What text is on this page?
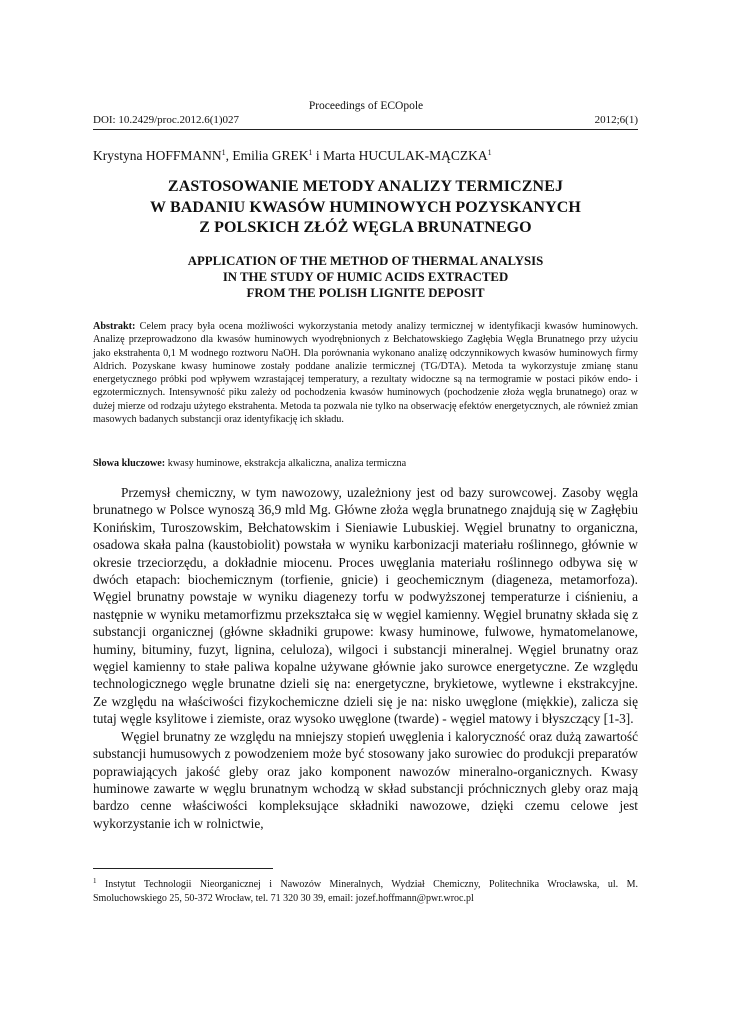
Proceedings of ECOpole
DOI: 10.2429/proc.2012.6(1)027	2012;6(1)
Krystyna HOFFMANN$^1$, Emilia GREK$^1$ i Marta HUCULAK-MĄCZKA$^1$
ZASTOSOWANIE METODY ANALIZY TERMICZNEJ
W BADANIU KWASÓW HUMINOWYCH POZYSKANYCH
Z POLSKICH ZŁÓŻ WĘGLA BRUNATNEGO
APPLICATION OF THE METHOD OF THERMAL ANALYSIS
IN THE STUDY OF HUMIC ACIDS EXTRACTED
FROM THE POLISH LIGNITE DEPOSIT
Abstrakt: Celem pracy była ocena możliwości wykorzystania metody analizy termicznej w identyfikacji kwasów huminowych. Analizę przeprowadzono dla kwasów huminowych wyodrębnionych z Bełchatowskiego Zagłębia Węgla Brunatnego przy użyciu jako ekstrahenta 0,1 M wodnego roztworu NaOH. Dla porównania wykonano analizę odczynnikowych kwasów huminowych firmy Aldrich. Pozyskane kwasy huminowe zostały poddane analizie termicznej (TG/DTA). Metoda ta wykorzystuje zmianę stanu energetycznego próbki pod wpływem wzrastającej temperatury, a rezultaty widoczne są na termogramie w postaci pików endo- i egzotermicznych. Intensywność piku zależy od pochodzenia kwasów huminowych (pochodzenie złoża węgla brunatnego) oraz w dużej mierze od rodzaju użytego ekstrahenta. Metoda ta pozwala nie tylko na obserwację efektów energetycznych, ale również zmian masowych badanych substancji oraz identyfikację ich składu.
Słowa kluczowe: kwasy huminowe, ekstrakcja alkaliczna, analiza termiczna

Przemysł chemiczny, w tym nawozowy, uzależniony jest od bazy surowcowej. Zasoby węgla brunatnego w Polsce wynoszą 36,9 mld Mg. Główne złoża węgla brunatnego znajdują się w Zagłębiu Konińskim, Turoszowskim, Bełchatowskim i Sieniawie Lubuskiej. Węgiel brunatny to organiczna, osadowa skała palna (kaustobiolit) powstała w wyniku karbonizacji materiału roślinnego, głównie w okresie trzeciorzędu, a dokładnie miocenu. Proces uwęglania materiału roślinnego odbywa się w dwóch etapach: biochemicznym (torfienie, gnicie) i geochemicznym (diageneza, metamorfoza). Węgiel brunatny powstaje w wyniku diagenezy torfu w podwyższonej temperaturze i ciśnieniu, a następnie w wyniku metamorfizmu przekształca się w węgiel kamienny. Węgiel brunatny składa się z substancji organicznej (główne składniki grupowe: kwasy huminowe, fulwowe, hymatomelanowe, huminy, bituminy, fuzyt, lignina, celuloza), wilgoci i substancji mineralnej. Węgiel brunatny oraz węgiel kamienny to stałe paliwa kopalne używane głównie jako surowce energetyczne. Ze względu technologicznego węgle brunatne dzieli się na: energetyczne, brykietowe, wytlewne i ekstrakcyjne. Ze względu na właściwości fizykochemiczne dzieli się je na: nisko uwęglone (miękkie), zalicza się tutaj węgle ksylitowe i ziemiste, oraz wysoko uwęglone (twarde) - węgiel matowy i błyszczący [1-3].

Węgiel brunatny ze względu na mniejszy stopień uwęglenia i kaloryczność oraz dużą zawartość substancji humusowych z powodzeniem może być stosowany jako surowiec do produkcji preparatów poprawiających jakość gleby oraz jako komponent nawozów mineralno-organicznych. Kwasy huminowe zawarte w węglu brunatnym wchodzą w skład substancji próchnicznych gleby oraz mają bardzo cenne właściwości kompleksujące składniki nawozowe, dzięki czemu celowe jest wykorzystanie ich w rolnictwie,

$^1$ Instytut Technologii Nieorganicznej i Nawozów Mineralnych, Wydział Chemiczny, Politechnika Wrocławska, ul. M. Smoluchowskiego 25, 50-372 Wrocław, tel. 71 320 30 39, email: jozef.hoffmann@pwr.wroc.pl
